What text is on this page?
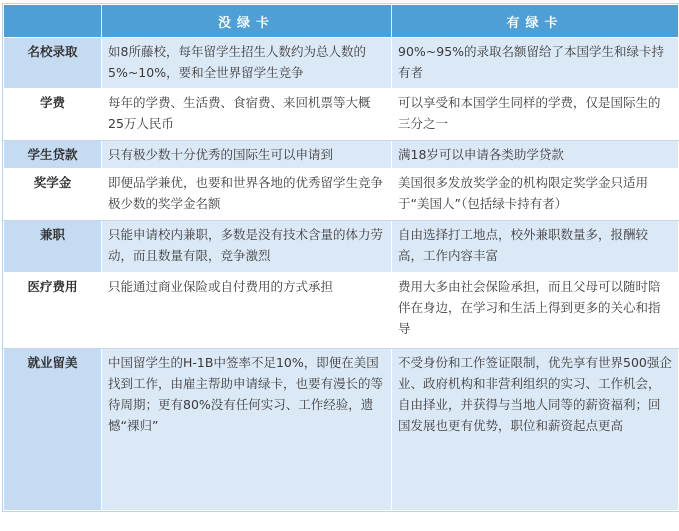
	没绿卡	有绿卡
名校录取	如8所藤校，每年留学生招生人数约为总人数的5%~10%，要和全世界留学生竞争	90%~95%的录取名额留给了本国学生和绿卡持有者
学费	每年的学费、生活费、食宿费、来回机票等大概25万人民币	可以享受和本国学生同样的学费，仅是国际生的三分之一
学生贷款	只有极少数十分优秀的国际生可以申请到	满18岁可以申请各类助学贷款
奖学金	即便品学兼优，也要和世界各地的优秀留学生竞争极少数的奖学金名额	美国很多发放奖学金的机构限定奖学金只适用于“美国人”（包括绿卡持有者）
兼职	只能申请校内兼职，多数是没有技术含量的体力劳动，而且数量有限，竞争激烈	自由选择打工地点，校外兼职数量多，报酬较高，工作内容丰富
医疗费用	只能通过商业保险或自付费用的方式承担	费用大多由社会保险承担，而且父母可以随时陪伴在身边，在学习和生活上得到更多的关心和指导
就业留美	中国留学生的H-1B中签率不足10%，即便在美国找到工作，由雇主帮助申请绿卡，也要有漫长的等待周期；更有80%没有任何实习、工作经验，遗憾“裸归”	不受身份和工作签证限制，优先享有世界500强企业、政府机构和非营利组织的实习、工作机会，自由择业，并获得与当地人同等的薪资福利；回国发展也更有优势，职位和薪资起点更高
